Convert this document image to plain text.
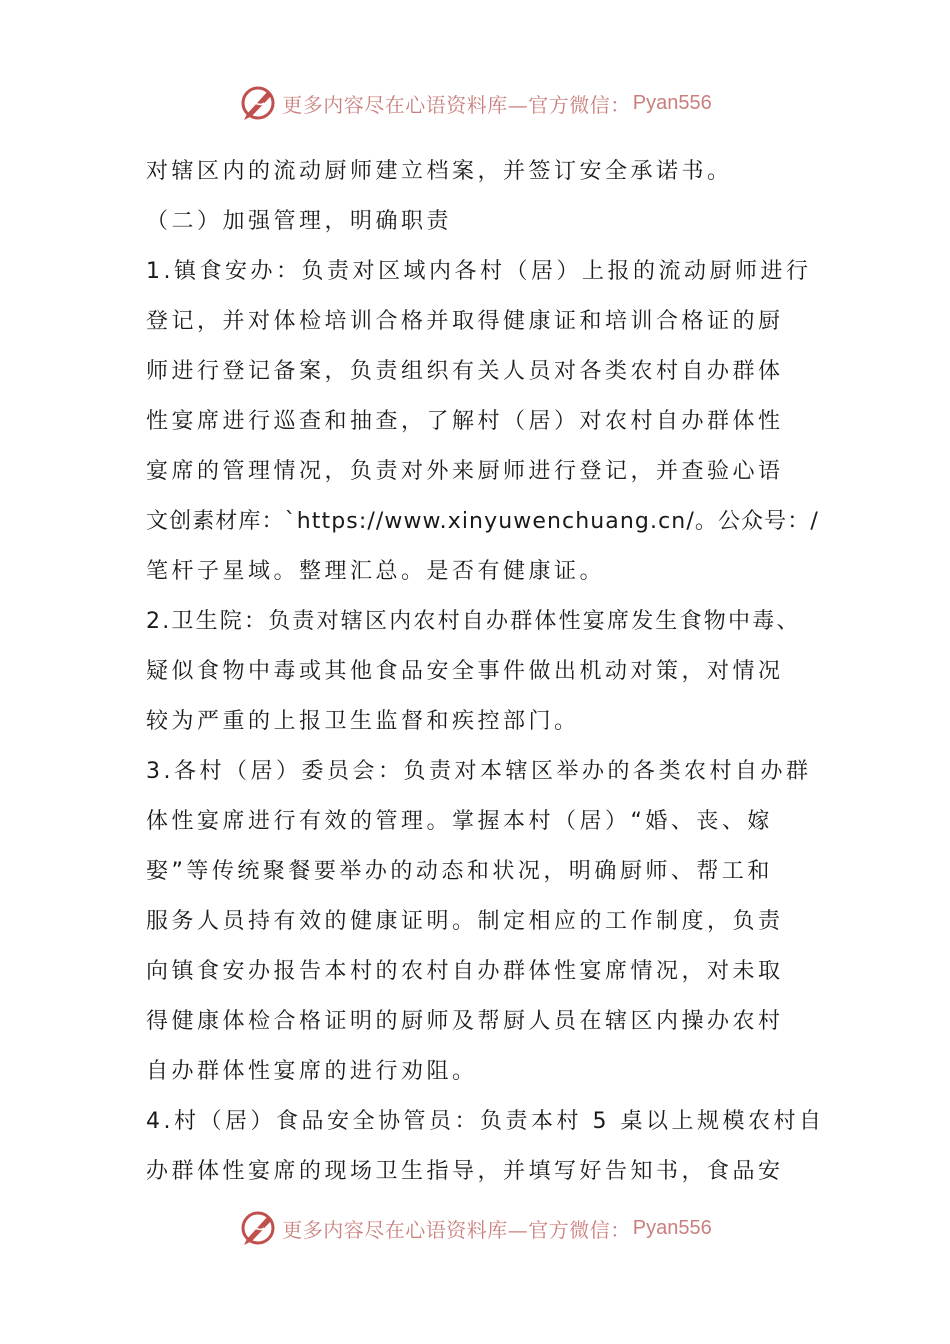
更多内容尽在心语资料库—官方微信： Pyan556
对辖区内的流动厨师建立档案，并签订安全承诺书。
（二）加强管理，明确职责
1.镇食安办：负责对区域内各村（居）上报的流动厨师进行
登记，并对体检培训合格并取得健康证和培训合格证的厨
师进行登记备案，负责组织有关人员对各类农村自办群体
性宴席进行巡查和抽查，了解村（居）对农村自办群体性
宴席的管理情况，负责对外来厨师进行登记，并查验心语
文创素材库：`https://www.xinyuwenchuang.cn/。公众号：/
笔杆子星域。整理汇总。是否有健康证。
2.卫生院：负责对辖区内农村自办群体性宴席发生食物中毒、
疑似食物中毒或其他食品安全事件做出机动对策，对情况
较为严重的上报卫生监督和疾控部门。
3.各村（居）委员会：负责对本辖区举办的各类农村自办群
体性宴席进行有效的管理。掌握本村（居）“婚、丧、嫁
娶”等传统聚餐要举办的动态和状况，明确厨师、帮工和
服务人员持有效的健康证明。制定相应的工作制度，负责
向镇食安办报告本村的农村自办群体性宴席情况，对未取
得健康体检合格证明的厨师及帮厨人员在辖区内操办农村
自办群体性宴席的进行劝阻。
4.村（居）食品安全协管员：负责本村 5 桌以上规模农村自
办群体性宴席的现场卫生指导，并填写好告知书，食品安
更多内容尽在心语资料库—官方微信： Pyan556
